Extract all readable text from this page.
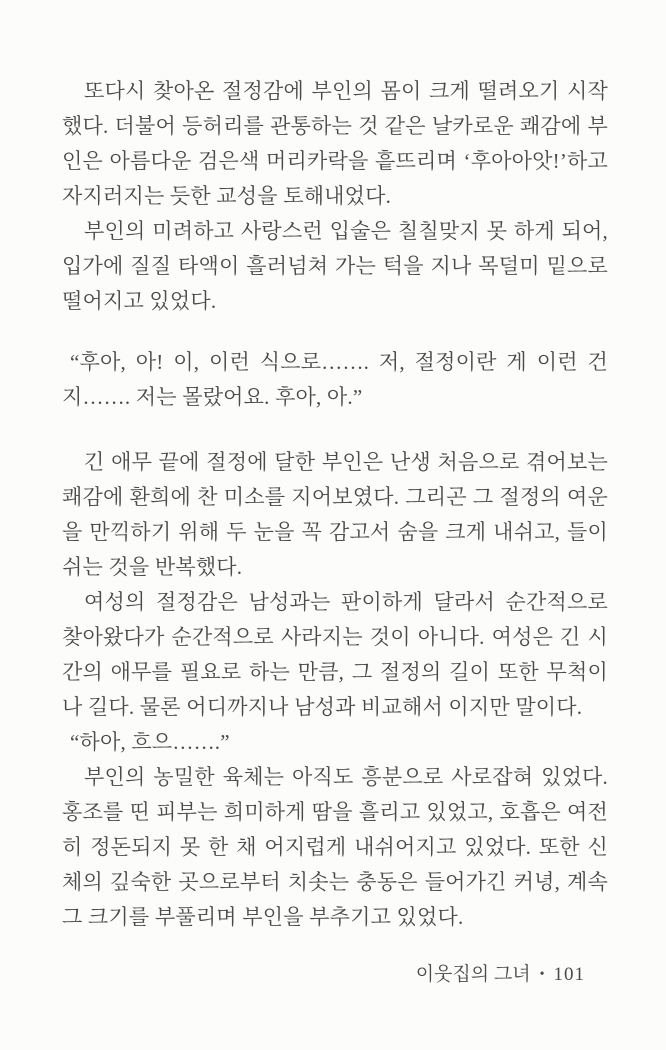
또다시 찾아온 절정감에 부인의 몸이 크게 떨려오기 시작했다. 더불어 등허리를 관통하는 것 같은 날카로운 쾌감에 부인은 아름다운 검은색 머리카락을 흩뜨리며 ‘후아아앗!’하고 자지러지는 듯한 교성을 토해내었다.

부인의 미려하고 사랑스런 입술은 칠칠맞지 못 하게 되어, 입가에 질질 타액이 흘러넘쳐 가는 턱을 지나 목덜미 밑으로 떨어지고 있었다.

“후아, 아! 이, 이런 식으로……. 저, 절정이란 게 이런 건지……. 저는 몰랐어요. 후아, 아.”

긴 애무 끝에 절정에 달한 부인은 난생 처음으로 겪어보는 쾌감에 환희에 찬 미소를 지어보였다. 그리곤 그 절정의 여운을 만끽하기 위해 두 눈을 꼭 감고서 숨을 크게 내쉬고, 들이쉬는 것을 반복했다.

여성의 절정감은 남성과는 판이하게 달라서 순간적으로 찾아왔다가 순간적으로 사라지는 것이 아니다. 여성은 긴 시간의 애무를 필요로 하는 만큼, 그 절정의 길이 또한 무척이나 길다. 물론 어디까지나 남성과 비교해서 이지만 말이다.

“하아, 흐으…….”

부인의 농밀한 육체는 아직도 흥분으로 사로잡혀 있었다. 홍조를 띤 피부는 희미하게 땀을 흘리고 있었고, 호흡은 여전히 정돈되지 못 한 채 어지럽게 내쉬어지고 있었다. 또한 신체의 깊숙한 곳으로부터 치솟는 충동은 들어가긴 커녕, 계속 그 크기를 부풀리며 부인을 부추기고 있었다.

이웃집의 그녀 • 101
